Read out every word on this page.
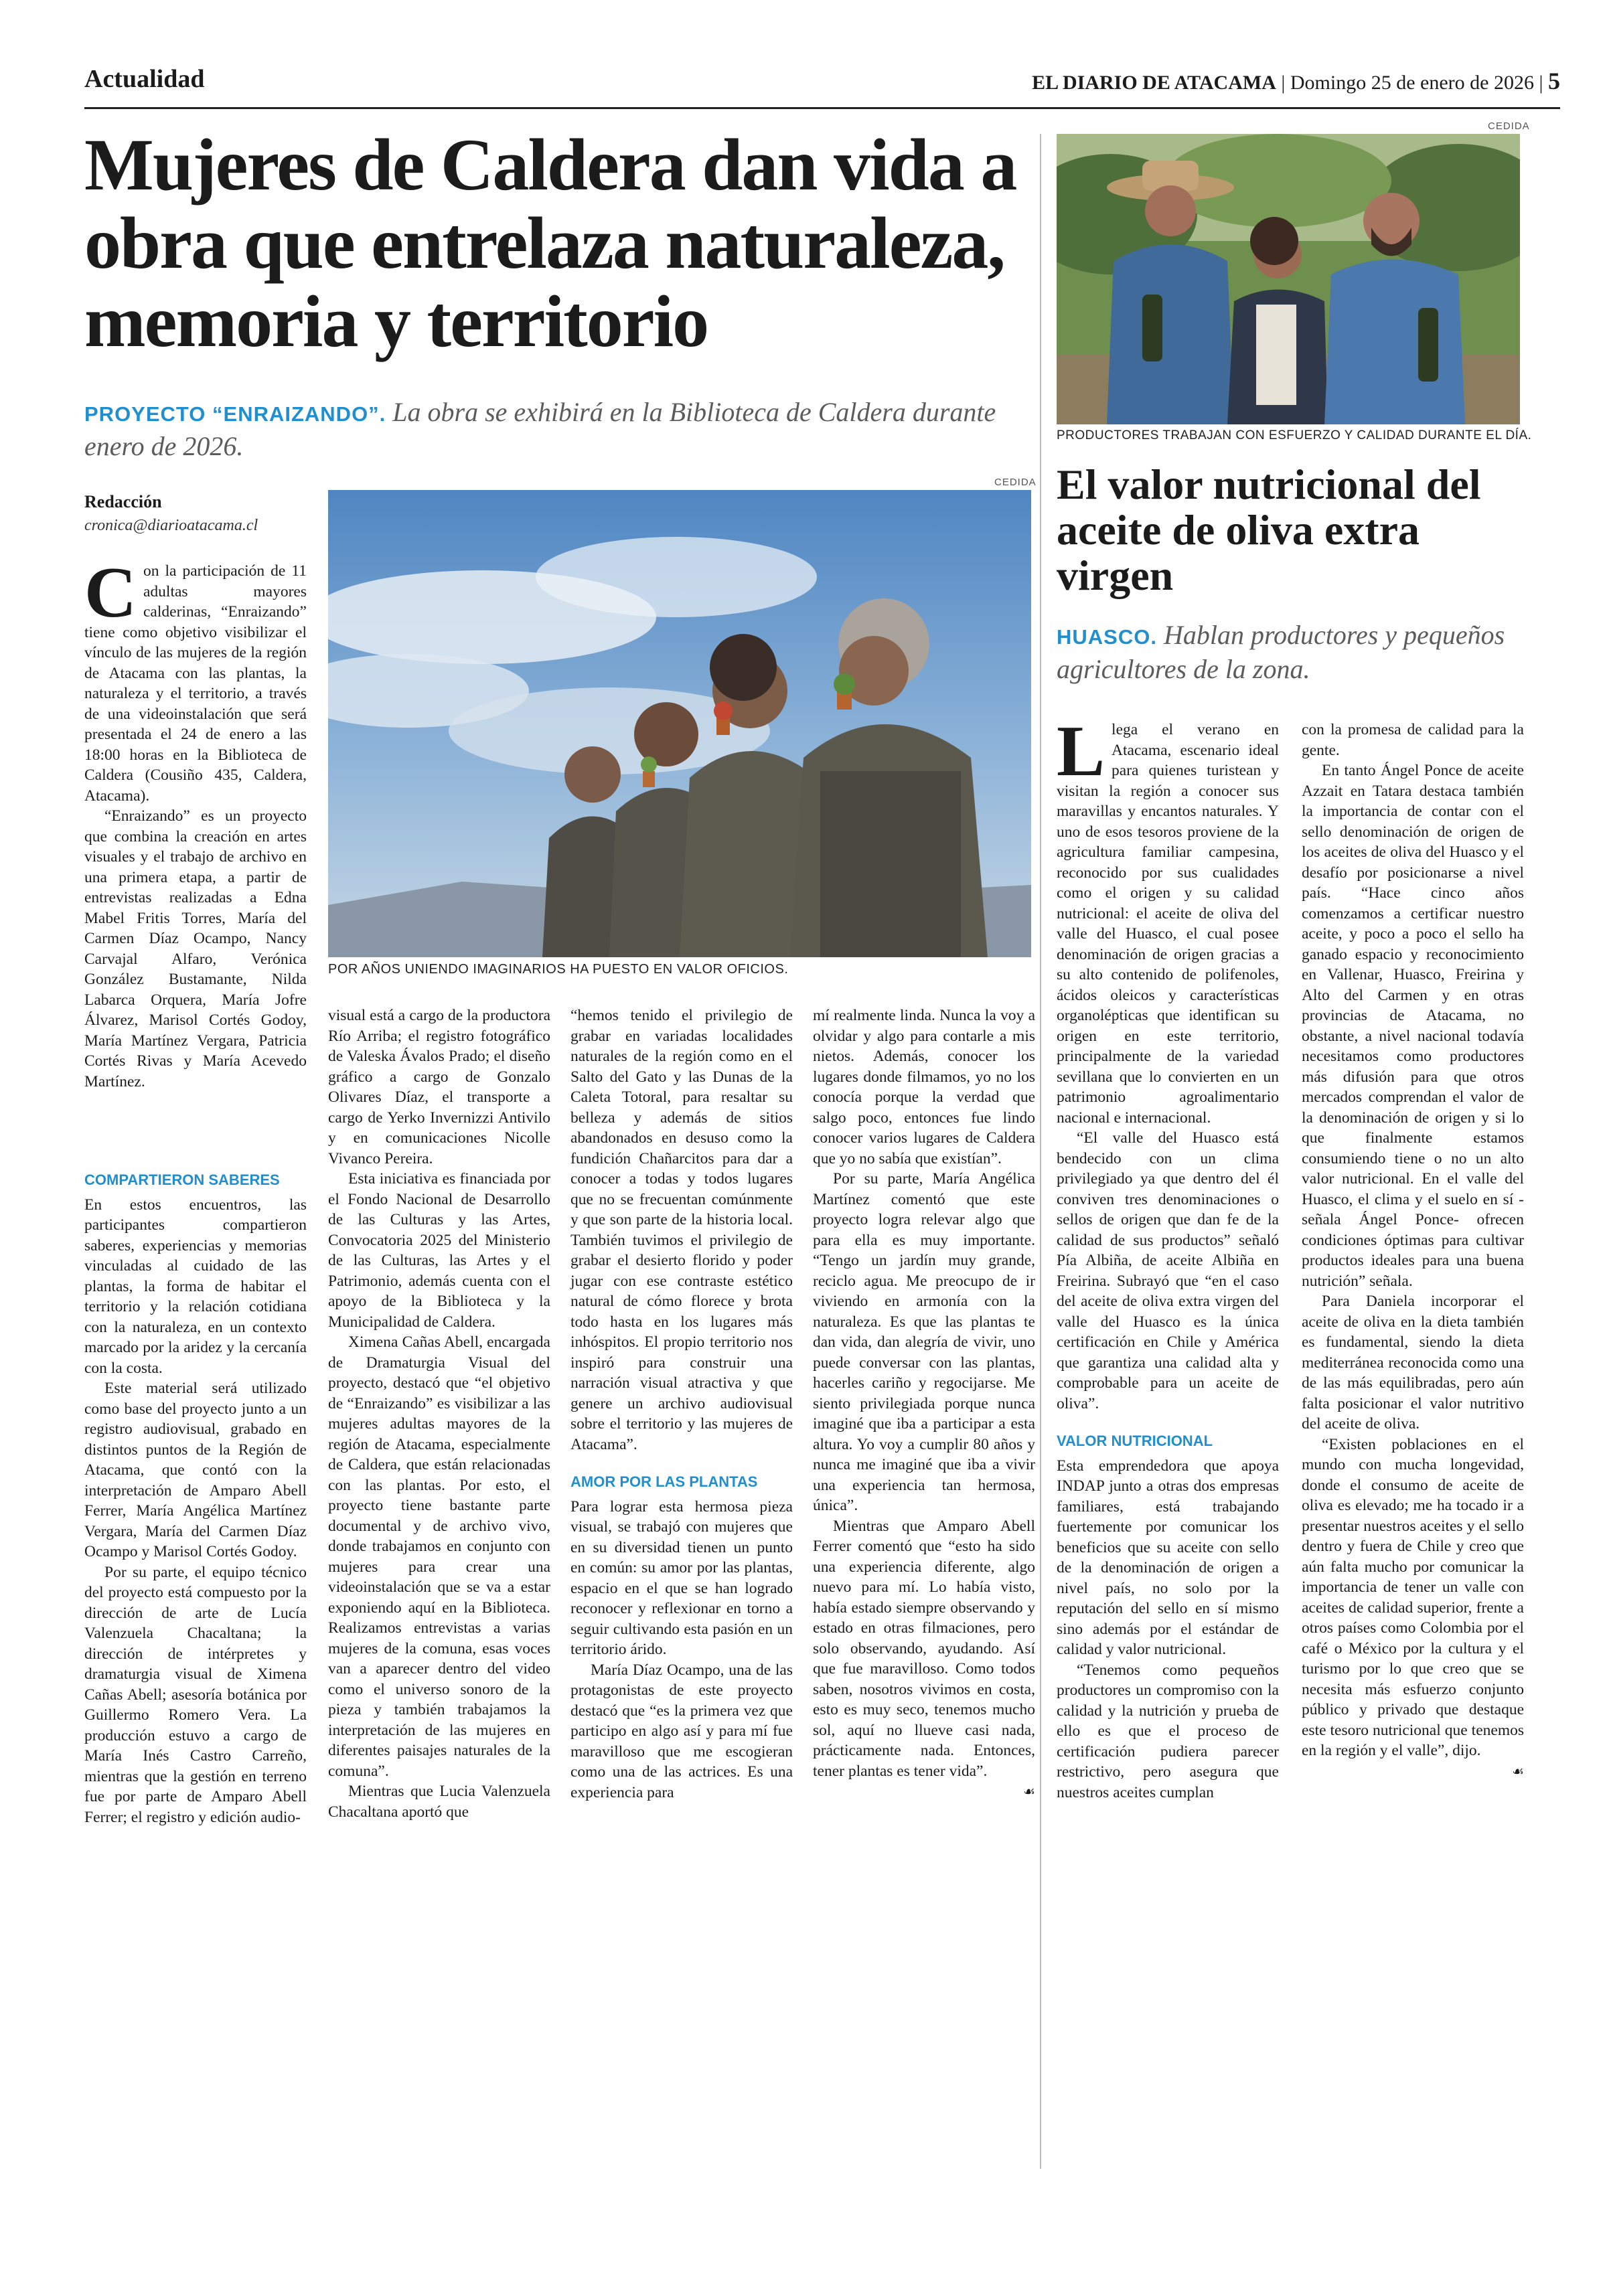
Actualidad	EL DIARIO DE ATACAMA | Domingo 25 de enero de 2026 | 5
Mujeres de Caldera dan vida a obra que entrelaza naturaleza, memoria y territorio
PROYECTO “ENRAIZANDO”. La obra se exhibirá en la Biblioteca de Caldera durante enero de 2026.
Redacción
cronica@diarioatacama.cl
CEDIDA
POR AÑOS UNIENDO IMAGINARIOS HA PUESTO EN VALOR OFICIOS.
C on la participación de 11 adultas mayores calderinas, “Enraizando” tiene como objetivo visibilizar el vínculo de las mujeres de la región de Atacama con las plantas, la naturaleza y el territorio, a través de una videoinstalación que será presentada el 24 de enero a las 18:00 horas en la Biblioteca de Caldera (Cousiño 435, Caldera, Atacama).

“Enraizando” es un proyecto que combina la creación en artes visuales y el trabajo de archivo en una primera etapa, a partir de entrevistas realizadas a Edna Mabel Fritis Torres, María del Carmen Díaz Ocampo, Nancy Carvajal Alfaro, Verónica González Bustamante, Nilda Labarca Orquera, María Jofre Álvarez, Marisol Cortés Godoy, María Martínez Vergara, Patricia Cortés Rivas y María Acevedo Martínez.

COMPARTIERON SABERES

En estos encuentros, las participantes compartieron saberes, experiencias y memorias vinculadas al cuidado de las plantas, la forma de habitar el territorio y la relación cotidiana con la naturaleza, en un contexto marcado por la aridez y la cercanía con la costa.

Este material será utilizado como base del proyecto junto a un registro audiovisual, grabado en distintos puntos de la Región de Atacama, que contó con la interpretación de Amparo Abell Ferrer, María Angélica Martínez Vergara, María del Carmen Díaz Ocampo y Marisol Cortés Godoy.

Por su parte, el equipo técnico del proyecto está compuesto por la dirección de arte de Lucía Valenzuela Chacaltana; la dirección de intérpretes y dramaturgia visual de Ximena Cañas Abell; asesoría botánica por Guillermo Romero Vera. La producción estuvo a cargo de María Inés Castro Carreño, mientras que la gestión en terreno fue por parte de Amparo Abell Ferrer; el registro y edición audio-

visual está a cargo de la productora Río Arriba; el registro fotográfico de Valeska Ávalos Prado; el diseño gráfico a cargo de Gonzalo Olivares Díaz, el transporte a cargo de Yerko Invernizzi Antivilo y en comunicaciones Nicolle Vivanco Pereira.

Esta iniciativa es financiada por el Fondo Nacional de Desarrollo de las Culturas y las Artes, Convocatoria 2025 del Ministerio de las Culturas, las Artes y el Patrimonio, además cuenta con el apoyo de la Biblioteca y la Municipalidad de Caldera.

Ximena Cañas Abell, encargada de Dramaturgia Visual del proyecto, destacó que “el objetivo de “Enraizando” es visibilizar a las mujeres adultas mayores de la región de Atacama, especialmente de Caldera, que están relacionadas con las plantas. Por esto, el proyecto tiene bastante parte documental y de archivo vivo, donde trabajamos en conjunto con mujeres para crear una videoinstalación que se va a estar exponiendo aquí en la Biblioteca. Realizamos entrevistas a varias mujeres de la comuna, esas voces van a aparecer dentro del video como el universo sonoro de la pieza y también trabajamos la interpretación de las mujeres en diferentes paisajes naturales de la comuna”.

Mientras que Lucia Valenzuela Chacaltana aportó que

“hemos tenido el privilegio de grabar en variadas localidades naturales de la región como en el Salto del Gato y las Dunas de la Caleta Totoral, para resaltar su belleza y además de sitios abandonados en desuso como la fundición Chañarcitos para dar a conocer a todas y todos lugares que no se frecuentan comúnmente y que son parte de la historia local. También tuvimos el privilegio de grabar el desierto florido y poder jugar con ese contraste estético natural de cómo florece y brota todo hasta en los lugares más inhóspitos. El propio territorio nos inspiró para construir una narración visual atractiva y que genere un archivo audiovisual sobre el territorio y las mujeres de Atacama”.

AMOR POR LAS PLANTAS

Para lograr esta hermosa pieza visual, se trabajó con mujeres que en su diversidad tienen un punto en común: su amor por las plantas, espacio en el que se han logrado reconocer y reflexionar en torno a seguir cultivando esta pasión en un territorio árido.

María Díaz Ocampo, una de las protagonistas de este proyecto destacó que “es la primera vez que participo en algo así y para mí fue maravilloso que me escogieran como una de las actrices. Es una experiencia para

mí realmente linda. Nunca la voy a olvidar y algo para contarle a mis nietos. Además, conocer los lugares donde filmamos, yo no los conocía porque la verdad que salgo poco, entonces fue lindo conocer varios lugares de Caldera que yo no sabía que existían”.

Por su parte, María Angélica Martínez comentó que este proyecto logra relevar algo que para ella es muy importante. “Tengo un jardín muy grande, reciclo agua. Me preocupo de ir viviendo en armonía con la naturaleza. Es que las plantas te dan vida, dan alegría de vivir, uno puede conversar con las plantas, hacerles cariño y regocijarse. Me siento privilegiada porque nunca imaginé que iba a participar a esta altura. Yo voy a cumplir 80 años y nunca me imaginé que iba a vivir una experiencia tan hermosa, única”.

Mientras que Amparo Abell Ferrer comentó que “esto ha sido una experiencia diferente, algo nuevo para mí. Lo había visto, había estado siempre observando y estado en otras filmaciones, pero solo observando, ayudando. Así que fue maravilloso. Como todos saben, nosotros vivimos en costa, esto es muy seco, tenemos mucho sol, aquí no llueve casi nada, prácticamente nada. Entonces, tener plantas es tener vida”.

☙
CEDIDA
PRODUCTORES TRABAJAN CON ESFUERZO Y CALIDAD DURANTE EL DÍA.
El valor nutricional del aceite de oliva extra virgen
HUASCO. Hablan productores y pequeños agricultores de la zona.
L lega el verano en Atacama, escenario ideal para quienes turistean y visitan la región a conocer sus maravillas y encantos naturales. Y uno de esos tesoros proviene de la agricultura familiar campesina, reconocido por sus cualidades como el origen y su calidad nutricional: el aceite de oliva del valle del Huasco, el cual posee denominación de origen gracias a su alto contenido de polifenoles, ácidos oleicos y características organolépticas que identifican su origen en este territorio, principalmente de la variedad sevillana que lo convierten en un patrimonio agroalimentario nacional e internacional.

“El valle del Huasco está bendecido con un clima privilegiado ya que dentro del él conviven tres denominaciones o sellos de origen que dan fe de la calidad de sus productos” señaló Pía Albiña, de aceite Albiña en Freirina. Subrayó que “en el caso del aceite de oliva extra virgen del valle del Huasco es la única certificación en Chile y América que garantiza una calidad alta y comprobable para un aceite de oliva”.

VALOR NUTRICIONAL

Esta emprendedora que apoya INDAP junto a otras dos empresas familiares, está trabajando fuertemente por comunicar los beneficios que su aceite con sello de la denominación de origen a nivel país, no solo por la reputación del sello en sí mismo sino además por el estándar de calidad y valor nutricional.

“Tenemos como pequeños productores un compromiso con la calidad y la nutrición y prueba de ello es que el proceso de certificación pudiera parecer restrictivo, pero asegura que nuestros aceites cumplan

con la promesa de calidad para la gente.

En tanto Ángel Ponce de aceite Azzait en Tatara destaca también la importancia de contar con el sello denominación de origen de los aceites de oliva del Huasco y el desafío por posicionarse a nivel país. “Hace cinco años comenzamos a certificar nuestro aceite, y poco a poco el sello ha ganado espacio y reconocimiento en Vallenar, Huasco, Freirina y Alto del Carmen y en otras provincias de Atacama, no obstante, a nivel nacional todavía necesitamos como productores más difusión para que otros mercados comprendan el valor de la denominación de origen y si lo que finalmente estamos consumiendo tiene o no un alto valor nutricional. En el valle del Huasco, el clima y el suelo en sí -señala Ángel Ponce- ofrecen condiciones óptimas para cultivar productos ideales para una buena nutrición” señala.

Para Daniela incorporar el aceite de oliva en la dieta también es fundamental, siendo la dieta mediterránea reconocida como una de las más equilibradas, pero aún falta posicionar el valor nutritivo del aceite de oliva.

“Existen poblaciones en el mundo con mucha longevidad, donde el consumo de aceite de oliva es elevado; me ha tocado ir a presentar nuestros aceites y el sello dentro y fuera de Chile y creo que aún falta mucho por comunicar la importancia de tener un valle con aceites de calidad superior, frente a otros países como Colombia por el café o México por la cultura y el turismo por lo que creo que se necesita más esfuerzo conjunto público y privado que destaque este tesoro nutricional que tenemos en la región y el valle”, dijo.

☙
